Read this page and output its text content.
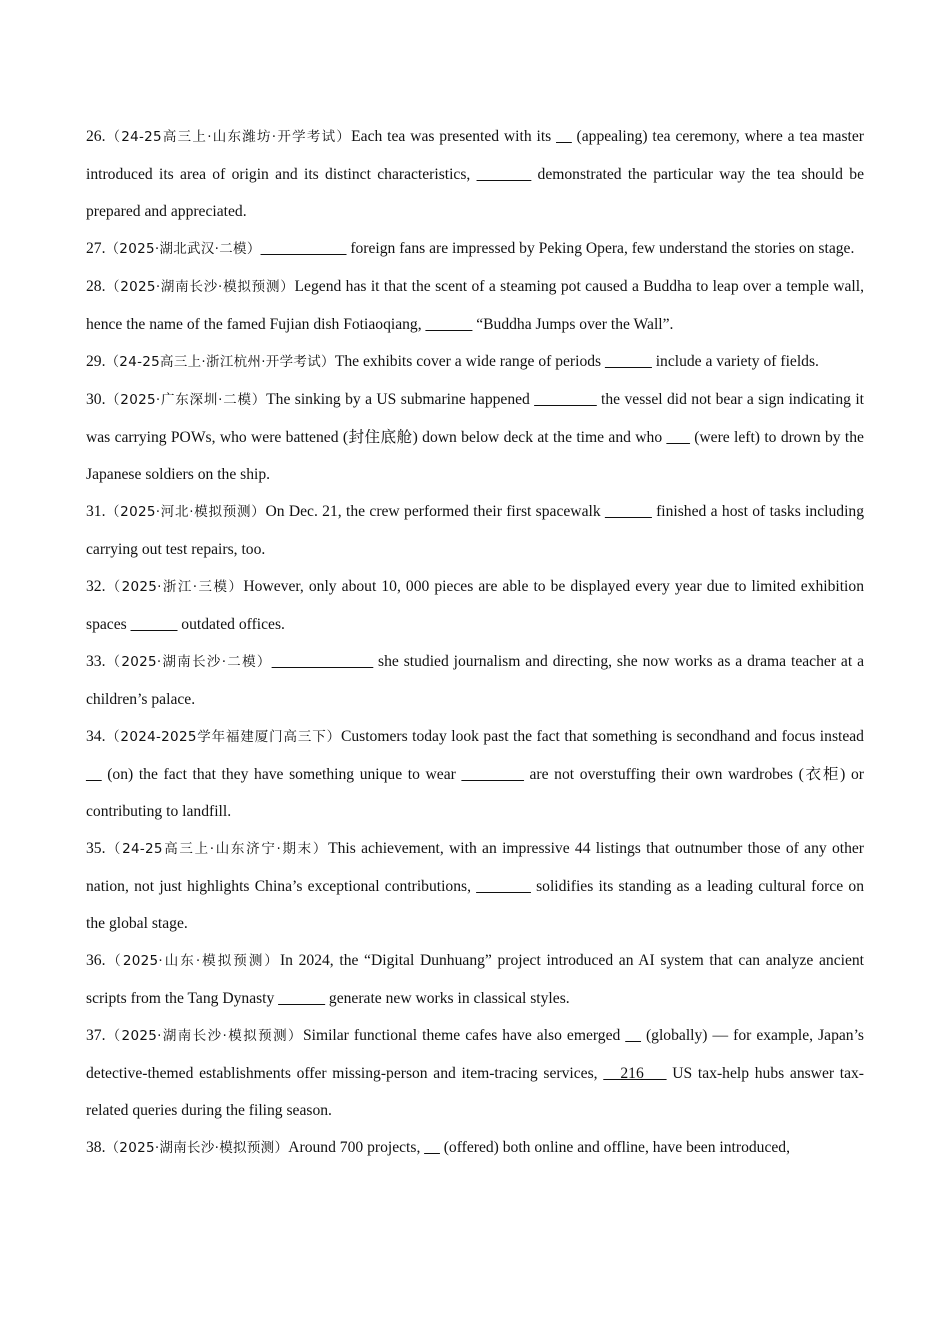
26.（24-25高三上·山东潍坊·开学考试）Each tea was presented with its __ (appealing) tea ceremony, where a tea master introduced its area of origin and its distinct characteristics, _______ demonstrated the particular way the tea should be prepared and appreciated.

27.（2025·湖北武汉·二模）___________ foreign fans are impressed by Peking Opera, few understand the stories on stage.

28.（2025·湖南长沙·模拟预测）Legend has it that the scent of a steaming pot caused a Buddha to leap over a temple wall, hence the name of the famed Fujian dish Fotiaoqiang, ______ “Buddha Jumps over the Wall”.

29.（24-25高三上·浙江杭州·开学考试）The exhibits cover a wide range of periods ______ include a variety of fields.

30.（2025·广东深圳·二模）The sinking by a US submarine happened ________ the vessel did not bear a sign indicating it was carrying POWs, who were battened (封住底舱) down below deck at the time and who ___ (were left) to drown by the Japanese soldiers on the ship.

31.（2025·河北·模拟预测）On Dec. 21, the crew performed their first spacewalk ______ finished a host of tasks including carrying out test repairs, too.

32.（2025·浙江·三模）However, only about 10, 000 pieces are able to be displayed every year due to limited exhibition spaces ______ outdated offices.

33.（2025·湖南长沙·二模）_____________ she studied journalism and directing, she now works as a drama teacher at a children’s palace.

34.（2024-2025学年福建厦门高三下）Customers today look past the fact that something is secondhand and focus instead __ (on) the fact that they have something unique to wear ________ are not overstuffing their own wardrobes (衣柜) or contributing to landfill.

35.（24-25高三上·山东济宁·期末）This achievement, with an impressive 44 listings that outnumber those of any other nation, not just highlights China’s exceptional contributions, _______ solidifies its standing as a leading cultural force on the global stage.

36.（2025·山东·模拟预测）In 2024, the “Digital Dunhuang” project introduced an AI system that can analyze ancient scripts from the Tang Dynasty ______ generate new works in classical styles.

37.（2025·湖南长沙·模拟预测）Similar functional theme cafes have also emerged __ (globally) — for example, Japan’s detective-themed establishments offer missing-person and item-tracing services,    216     US tax-help hubs answer tax-related queries during the filing season.

38.（2025·湖南长沙·模拟预测）Around 700 projects, __ (offered) both online and offline, have been introduced,
